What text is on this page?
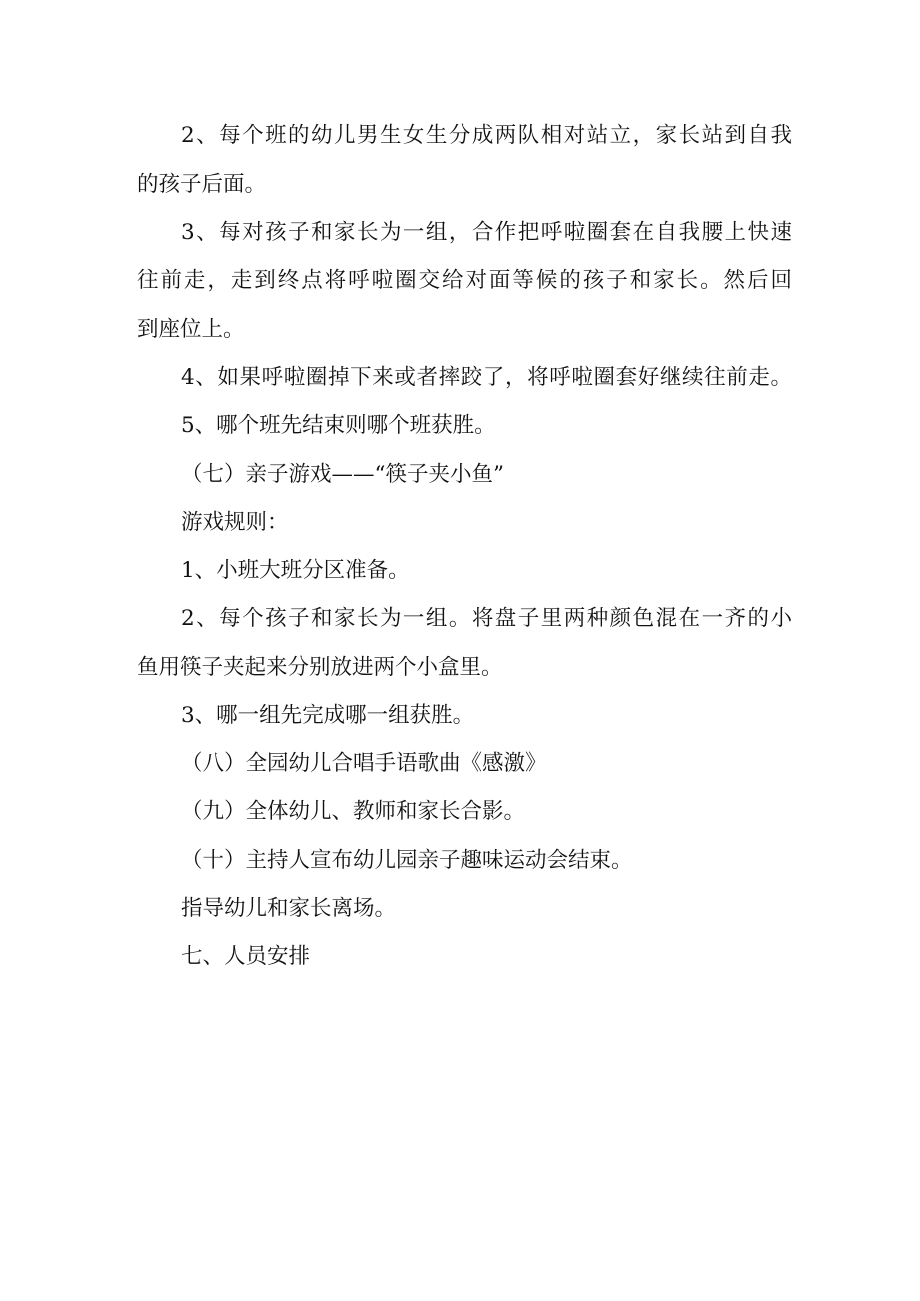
2、每个班的幼儿男生女生分成两队相对站立，家长站到自我
的孩子后面。
3、每对孩子和家长为一组，合作把呼啦圈套在自我腰上快速
往前走，走到终点将呼啦圈交给对面等候的孩子和家长。然后回
到座位上。
4、如果呼啦圈掉下来或者摔跤了，将呼啦圈套好继续往前走。
5、哪个班先结束则哪个班获胜。
（七）亲子游戏——“筷子夹小鱼”
游戏规则：
1、小班大班分区准备。
2、每个孩子和家长为一组。将盘子里两种颜色混在一齐的小
鱼用筷子夹起来分别放进两个小盒里。
3、哪一组先完成哪一组获胜。
（八）全园幼儿合唱手语歌曲《感激》
（九）全体幼儿、教师和家长合影。
（十）主持人宣布幼儿园亲子趣味运动会结束。
指导幼儿和家长离场。
七、人员安排
